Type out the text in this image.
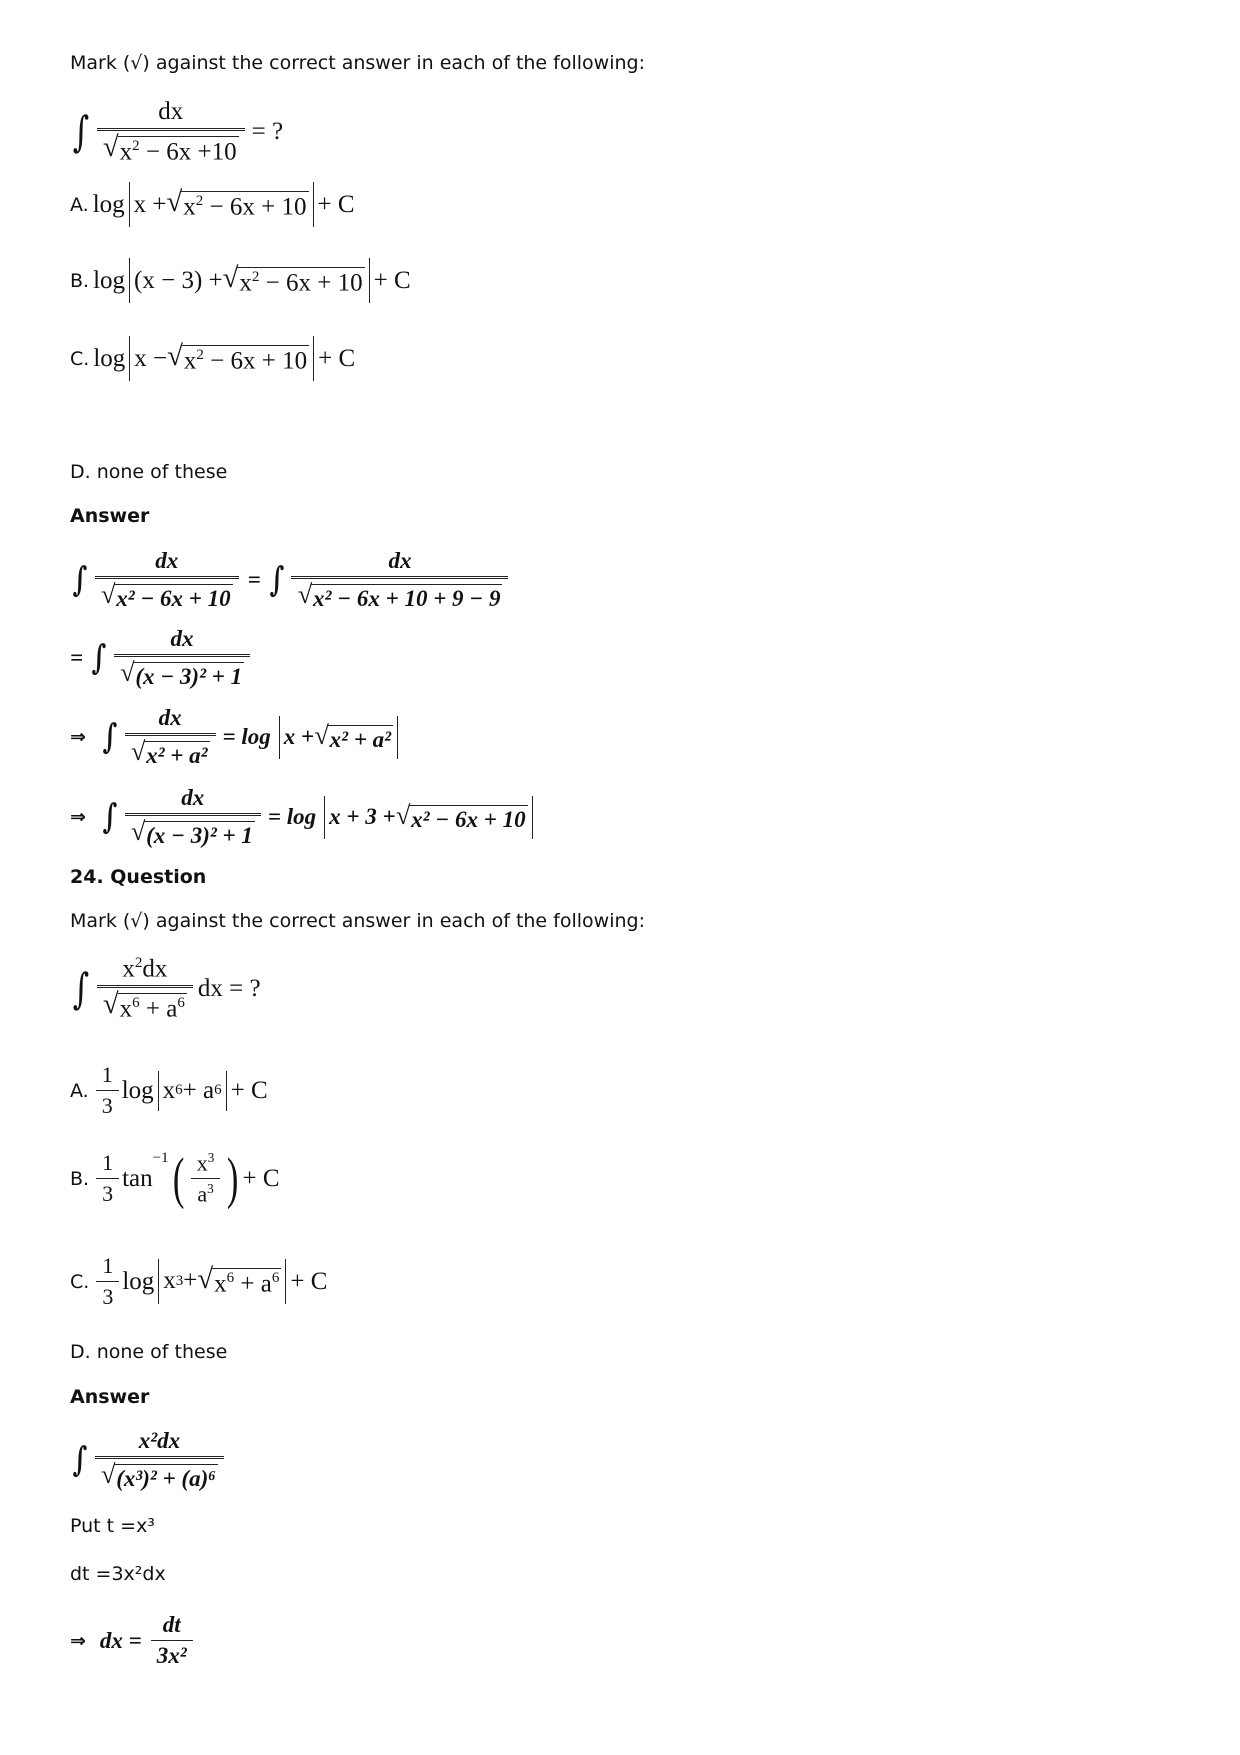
Mark (√) against the correct answer in each of the following:
∫ $\frac{dx}{√ x^2 - 6x +10}$ = ?
A. log x + √ $x^2 - 6x + 10 + C$
B. log (x − 3) + √ $x^2 - 6x + 10 + C$
C. log x − √ $x^2 - 6x + 10 + C$
D.
none of these
Answer
∫ $\frac{dx}{\text{√ x² − 6x + 10}}$ = ∫ $\frac{dx}{\text{√ x² − 6x + 10 + 9 − 9}}$
= ∫ $\frac{dx}{\text{√ (x − 3)² + 1}}$
⇒ ∫ $\frac{dx}{\text{√ x² + a²}} = \log x$ + √ x² + a²
⇒ ∫ $\frac{dx}{\text{√ (x − 3)² + 1}} = \log x + 3$ + √ x² − 6x + 10
24. Question
Mark (√) against the correct answer in each of the following:
∫ $\frac{x^2dx}{√ x^6 + a^6}$ dx = ?
A. $\frac{1}{3}$ log x 6 + a 6 + C
B. $\frac{1}{3}$ tan
$^{-1}$ ( $\frac{x^3}{a^3}$ ) + C
C. $\frac{1}{3}$ log x 3 + √ $x^6 + a^6 + C$
D.
none of these
Answer
∫ $\frac{\text{x²dx}}{\text{√ (x³)² + (a)⁶}}$
Put t =x³
dt =3x²dx
⇒ dx = $\frac{dt}{\text{3x²}}$
